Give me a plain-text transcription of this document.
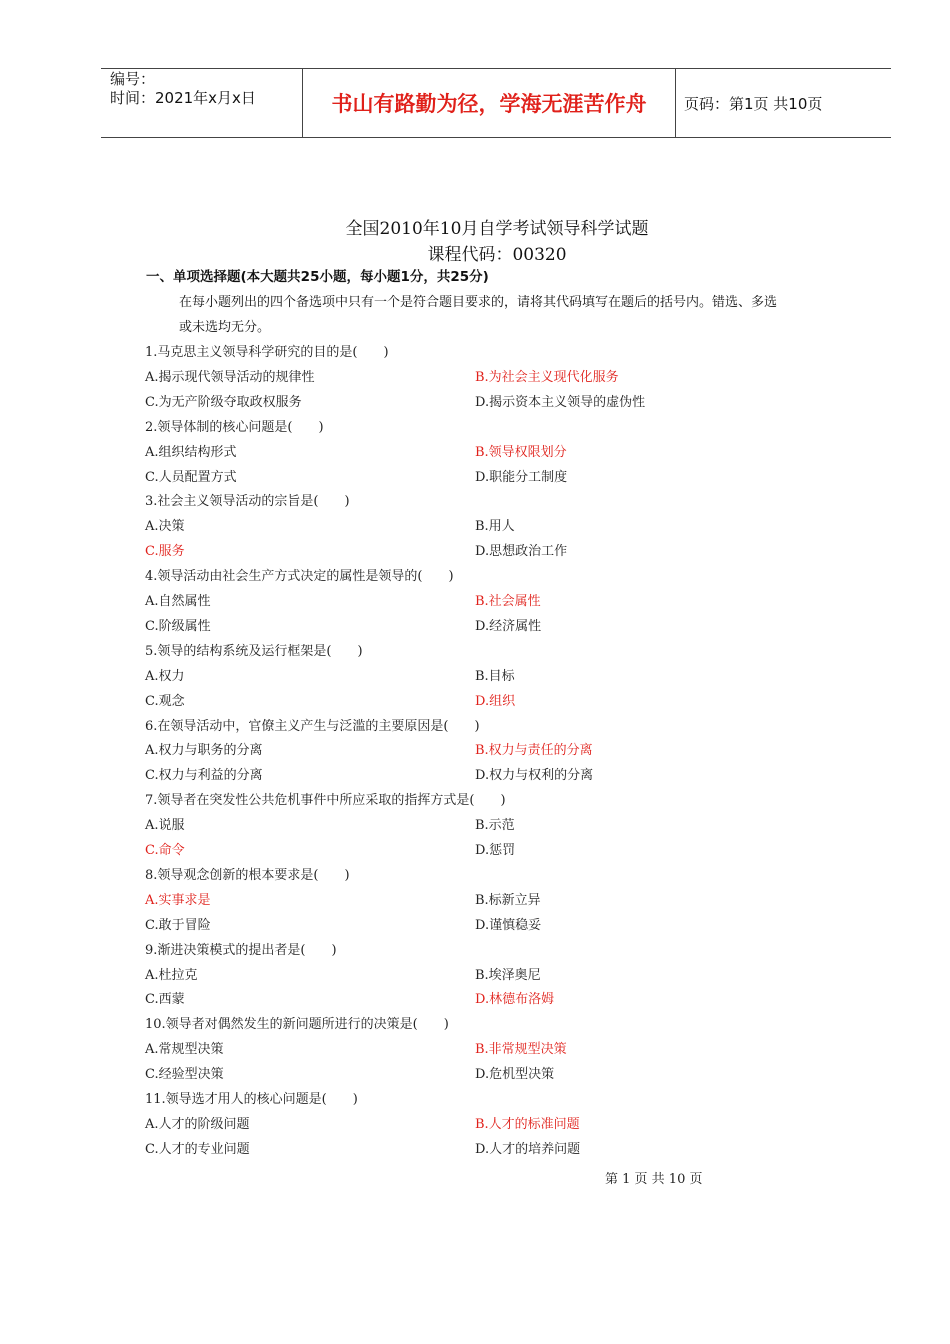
编号：
时间：2021年x月x日	书山有路勤为径，学海无涯苦作舟	页码：第1页 共10页
全国2010年10月自学考试领导科学试题
课程代码：00320
一、单项选择题(本大题共25小题，每小题1分，共25分)
在每小题列出的四个备选项中只有一个是符合题目要求的，请将其代码填写在题后的括号内。错选、多选
或未选均无分。
1.马克思主义领导科学研究的目的是(　　)
A.揭示现代领导活动的规律性	B.为社会主义现代化服务
C.为无产阶级夺取政权服务	D.揭示资本主义领导的虚伪性
2.领导体制的核心问题是(　　)
A.组织结构形式	B.领导权限划分
C.人员配置方式	D.职能分工制度
3.社会主义领导活动的宗旨是(　　)
A.决策	B.用人
C.服务	D.思想政治工作
4.领导活动由社会生产方式决定的属性是领导的(　　)
A.自然属性	B.社会属性
C.阶级属性	D.经济属性
5.领导的结构系统及运行框架是(　　)
A.权力	B.目标
C.观念	D.组织
6.在领导活动中，官僚主义产生与泛滥的主要原因是(　　)
A.权力与职务的分离	B.权力与责任的分离
C.权力与利益的分离	D.权力与权利的分离
7.领导者在突发性公共危机事件中所应采取的指挥方式是(　　)
A.说服	B.示范
C.命令	D.惩罚
8.领导观念创新的根本要求是(　　)
A.实事求是	B.标新立异
C.敢于冒险	D.谨慎稳妥
9.渐进决策模式的提出者是(　　)
A.杜拉克	B.埃泽奥尼
C.西蒙	D.林德布洛姆
10.领导者对偶然发生的新问题所进行的决策是(　　)
A.常规型决策	B.非常规型决策
C.经验型决策	D.危机型决策
11.领导选才用人的核心问题是(　　)
A.人才的阶级问题	B.人才的标准问题
C.人才的专业问题	D.人才的培养问题
第 1 页 共 10 页
